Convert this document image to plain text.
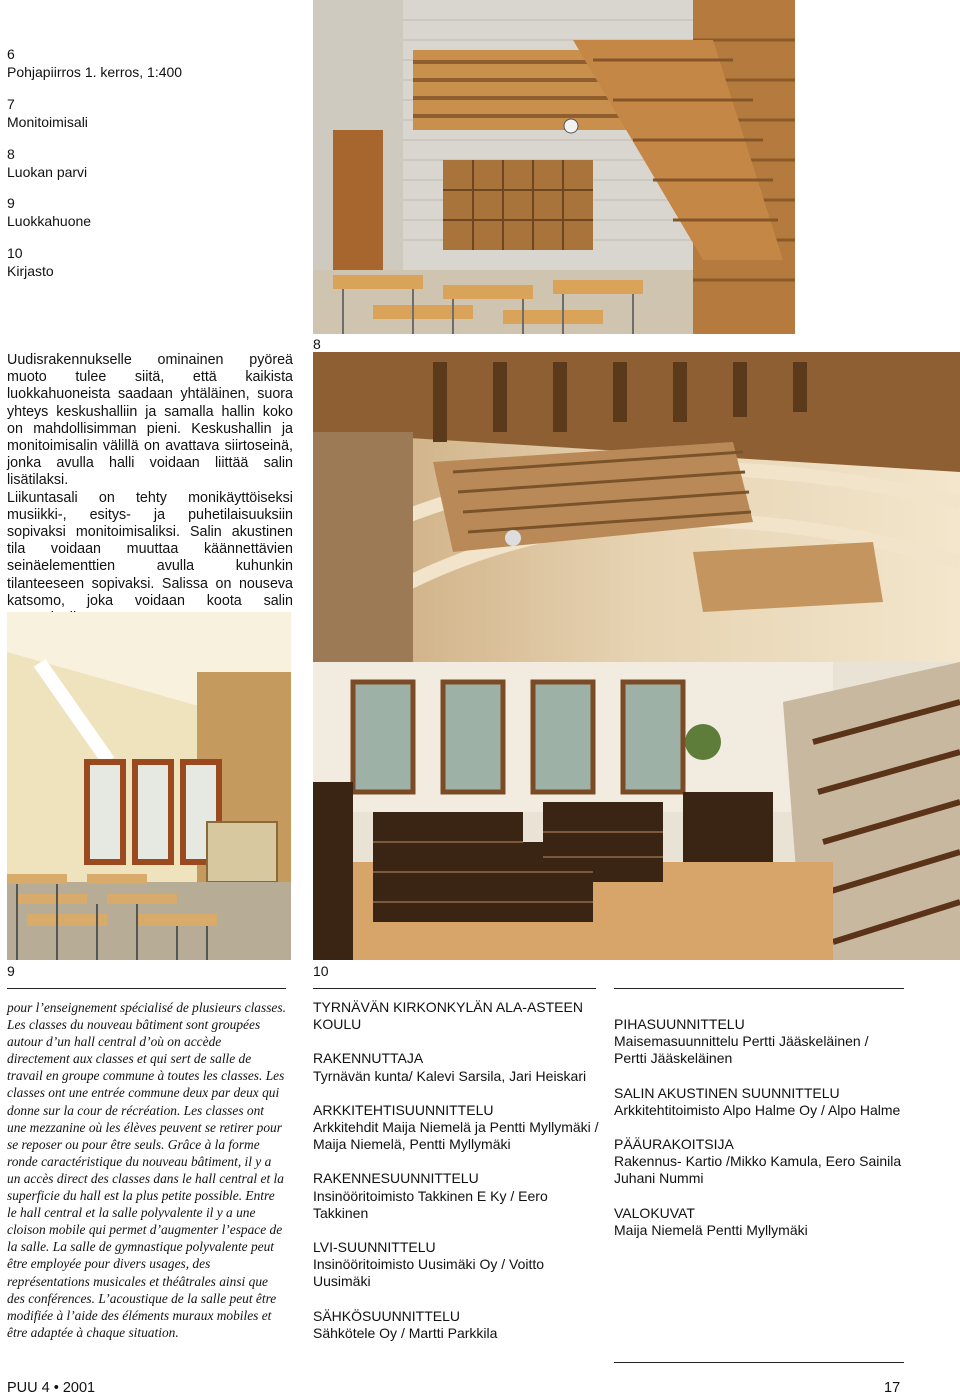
6
Pohjapiirros 1. kerros, 1:400
7
Monitoimisali
8
Luokan parvi
9
Luokkahuone
10
Kirjasto

Uudisrakennukselle ominainen pyöreä muoto tulee siitä, että kaikista luokkahuoneista saadaan yhtäläinen, suora yhteys keskushalliin ja samalla hallin koko on mahdollisimman pieni. Keskushallin ja monitoimisalin välillä on avattava siirtoseinä, jonka avulla halli voidaan liittää salin lisätilaksi.

Liikuntasali on tehty monikäyttöiseksi musiikki-, esitys- ja puhetilaisuuksiin sopivaksi monitoimisaliksi. Salin akustinen tila voidaan muuttaa käännettävien seinäelementtien avulla kuhunkin tilanteeseen sopivaksi. Salissa on nouseva katsomo, joka voidaan koota salin

8
9	10
pour l’enseignement spécialisé de plusieurs classes. Les classes du nouveau bâtiment sont groupées autour d’un hall central d’où on accède directement aux classes et qui sert de salle de travail en groupe commune à toutes les classes. Les classes ont une entrée commune deux par deux qui donne sur la cour de récréation. Les classes ont une mezzanine où les élèves peuvent se retirer pour se reposer ou pour être seuls. Grâce à la forme ronde caractéristique du nouveau bâtiment, il y a un accès direct des classes dans le hall central et la superficie du hall est la plus petite possible. Entre le hall central et la salle polyvalente il y a une cloison mobile qui permet d’augmenter l’espace de la salle. La salle de gymnastique polyvalente peut être employée pour divers usages, des représentations musicales et théâtrales ainsi que des conférences. L’acoustique de la salle peut être modifiée à l’aide des éléments muraux mobiles et être adaptée à chaque situation.
TYRNÄVÄN KIRKONKYLÄN ALA-ASTEEN KOULU
RAKENNUTTAJA
Tyrnävän kunta/ Kalevi Sarsila, Jari Heiskari
ARKKITEHTISUUNNITTELU
Arkkitehdit Maija Niemelä ja Pentti Myllymäki / Maija Niemelä, Pentti Myllymäki
RAKENNESUUNNITTELU
Insinööritoimisto Takkinen E Ky / Eero Takkinen
LVI-SUUNNITTELU
Insinööritoimisto Uusimäki Oy / Voitto Uusimäki
SÄHKÖSUUNNITTELU
Sähkötele Oy / Martti Parkkila
PIHASUUNNITTELU
Maisemasuunnittelu Pertti Jääskeläinen / Pertti Jääskeläinen
SALIN AKUSTINEN SUUNNITTELU
Arkkitehtitoimisto Alpo Halme Oy / Alpo Halme
PÄÄURAKOITSIJA
Rakennus- Kartio /Mikko Kamula, Eero Sainila Juhani Nummi
VALOKUVAT
Maija Niemelä Pentti Myllymäki
PUU 4 • 2001	17
